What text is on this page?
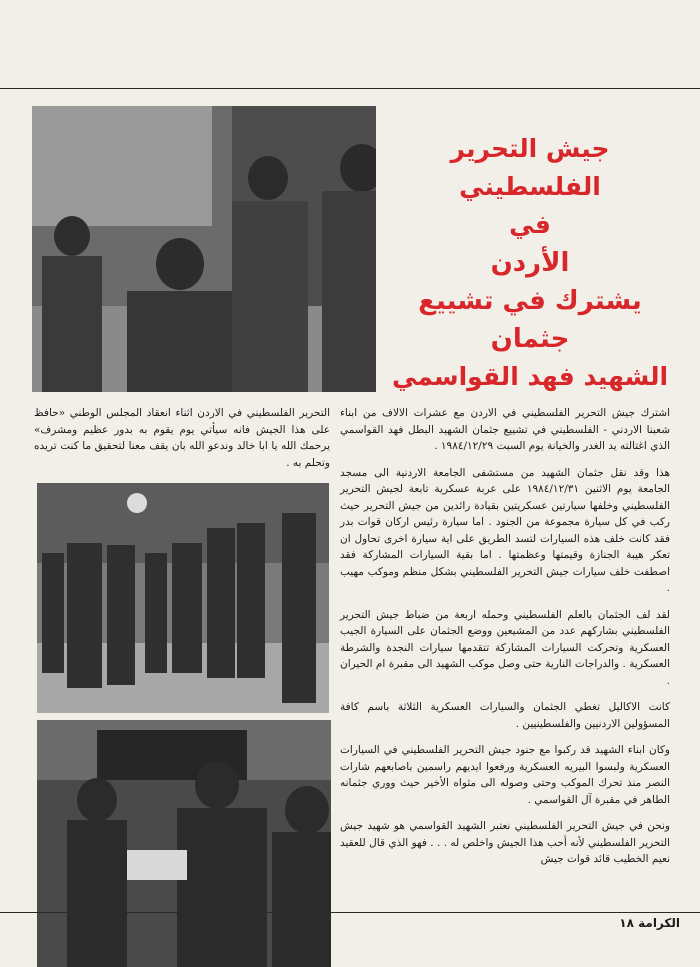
جيش التحرير الفلسطيني
في
الأردن
يشترك في تشييع جثمان
الشهيد فهد القواسمي

اشترك جيش التحرير الفلسطيني في الاردن مع عشرات الالاف من ابناء شعبنا الاردني - الفلسطيني في تشييع جثمان الشهيد البطل فهد القواسمي الذي اغتالته يد الغدر والخيانة يوم السبت ١٩٨٤/١٢/٢٩ .

هذا وقد نقل جثمان الشهيد من مستشفى الجامعة الاردنية الى مسجد الجامعة يوم الاثنين ١٩٨٤/١٢/٣١ على عربة عسكرية تابعة لجيش التحرير الفلسطيني وخلفها سيارتين عسكريتين بقيادة رائدين من جيش التحرير حيث ركب في كل سيارة مجموعة من الجنود . اما سيارة رئيس اركان قوات بدر فقد كانت خلف هذه السيارات لتسد الطريق على اية سيارة اخرى تحاول ان تعكر هيبة الجنازة وقيمتها وعظمتها . اما بقية السيارات المشاركة فقد اصطفت خلف سيارات جيش التحرير الفلسطيني بشكل منظم وموكب مهيب .

لقد لف الجثمان بالعلم الفلسطيني وحمله اربعة من ضباط جيش التحرير الفلسطيني بشاركهم عدد من المشيعين ووضع الجثمان على السيارة الجيب العسكرية وتحركت السيارات المشاركة تتقدمها سيارات النجدة والشرطة العسكرية . والدراجات النارية حتى وصل موكب الشهيد الى مقبرة ام الحيران .

كانت الاكاليل تغطي الجثمان والسيارات العسكرية الثلاثة باسم كافة المسؤولين الاردنيين والفلسطينيين .

وكان ابناء الشهيد قد ركبوا مع جنود جيش التحرير الفلسطيني في السيارات العسكرية ولبسوا البيريه العسكرية ورفعوا ايديهم راسمين باصابعهم شارات النصر منذ تحرك الموكب وحتى وصوله الى مثواه الأخير حيث ووري جثمانه الطاهر في مقبرة آل القواسمي .

ونحن في جيش التحرير الفلسطيني نعتبر الشهيد القواسمي هو شهيد جيش التحرير الفلسطيني لأنه أحب هذا الجيش واخلص له . . . فهو الذي قال للعقيد نعيم الخطيب قائد قوات جيش

التحرير الفلسطيني في الاردن اثناء انعقاد المجلس الوطني «حافظ على هذا الجيش فانه سيأتي يوم يقوم به بدور عظيم ومشرف» يرحمك الله يا ابا خالد وندعو الله بان يقف معنا لتحقيق ما كنت تريده وتحلم به .

الكرامة ١٨
